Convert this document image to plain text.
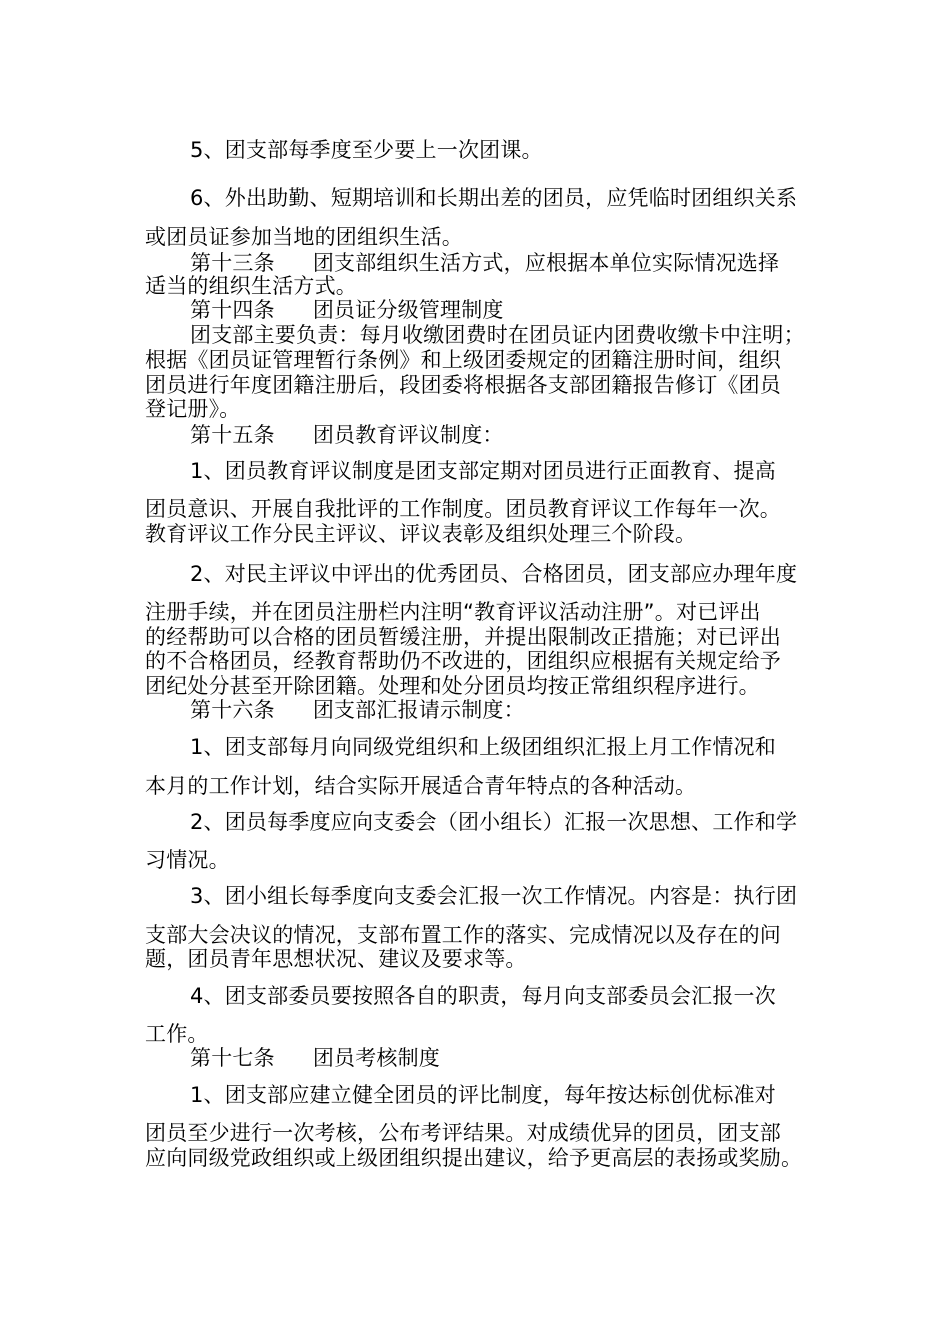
5、团支部每季度至少要上一次团课。
6、外出助勤、短期培训和长期出差的团员，应凭临时团组织关系
或团员证参加当地的团组织生活。
第十三条 团支部组织生活方式，应根据本单位实际情况选择
适当的组织生活方式。
第十四条 团员证分级管理制度
团支部主要负责：每月收缴团费时在团员证内团费收缴卡中注明；
根据《团员证管理暂行条例》和上级团委规定的团籍注册时间，组织
团员进行年度团籍注册后，段团委将根据各支部团籍报告修订《团员
登记册》。
第十五条 团员教育评议制度：
1、团员教育评议制度是团支部定期对团员进行正面教育、提高
团员意识、开展自我批评的工作制度。团员教育评议工作每年一次。
教育评议工作分民主评议、评议表彰及组织处理三个阶段。
2、对民主评议中评出的优秀团员、合格团员，团支部应办理年度
注册手续，并在团员注册栏内注明“教育评议活动注册”。对已评出
的经帮助可以合格的团员暂缓注册，并提出限制改正措施；对已评出
的不合格团员，经教育帮助仍不改进的，团组织应根据有关规定给予
团纪处分甚至开除团籍。处理和处分团员均按正常组织程序进行。
第十六条 团支部汇报请示制度：
1、团支部每月向同级党组织和上级团组织汇报上月工作情况和
本月的工作计划，结合实际开展适合青年特点的各种活动。
2、团员每季度应向支委会（团小组长）汇报一次思想、工作和学
习情况。
3、团小组长每季度向支委会汇报一次工作情况。内容是：执行团
支部大会决议的情况，支部布置工作的落实、完成情况以及存在的问
题，团员青年思想状况、建议及要求等。
4、团支部委员要按照各自的职责，每月向支部委员会汇报一次
工作。
第十七条 团员考核制度
1、团支部应建立健全团员的评比制度，每年按达标创优标准对
团员至少进行一次考核，公布考评结果。对成绩优异的团员，团支部
应向同级党政组织或上级团组织提出建议，给予更高层的表扬或奖励。
